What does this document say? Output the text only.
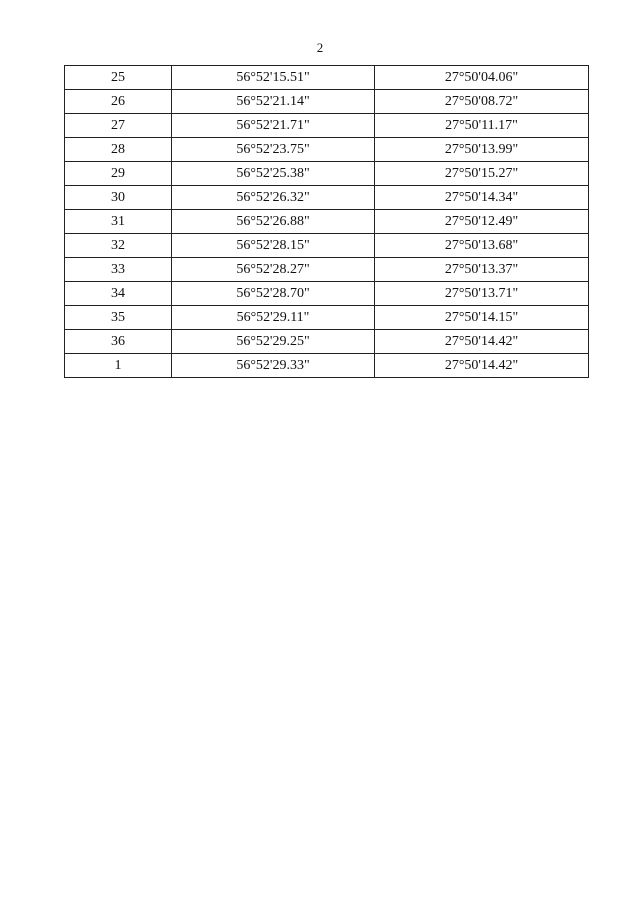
2
25	56°52'15.51"	27°50'04.06"
26	56°52'21.14"	27°50'08.72"
27	56°52'21.71"	27°50'11.17"
28	56°52'23.75"	27°50'13.99"
29	56°52'25.38"	27°50'15.27"
30	56°52'26.32"	27°50'14.34"
31	56°52'26.88"	27°50'12.49"
32	56°52'28.15"	27°50'13.68"
33	56°52'28.27"	27°50'13.37"
34	56°52'28.70"	27°50'13.71"
35	56°52'29.11"	27°50'14.15"
36	56°52'29.25"	27°50'14.42"
1	56°52'29.33"	27°50'14.42"
